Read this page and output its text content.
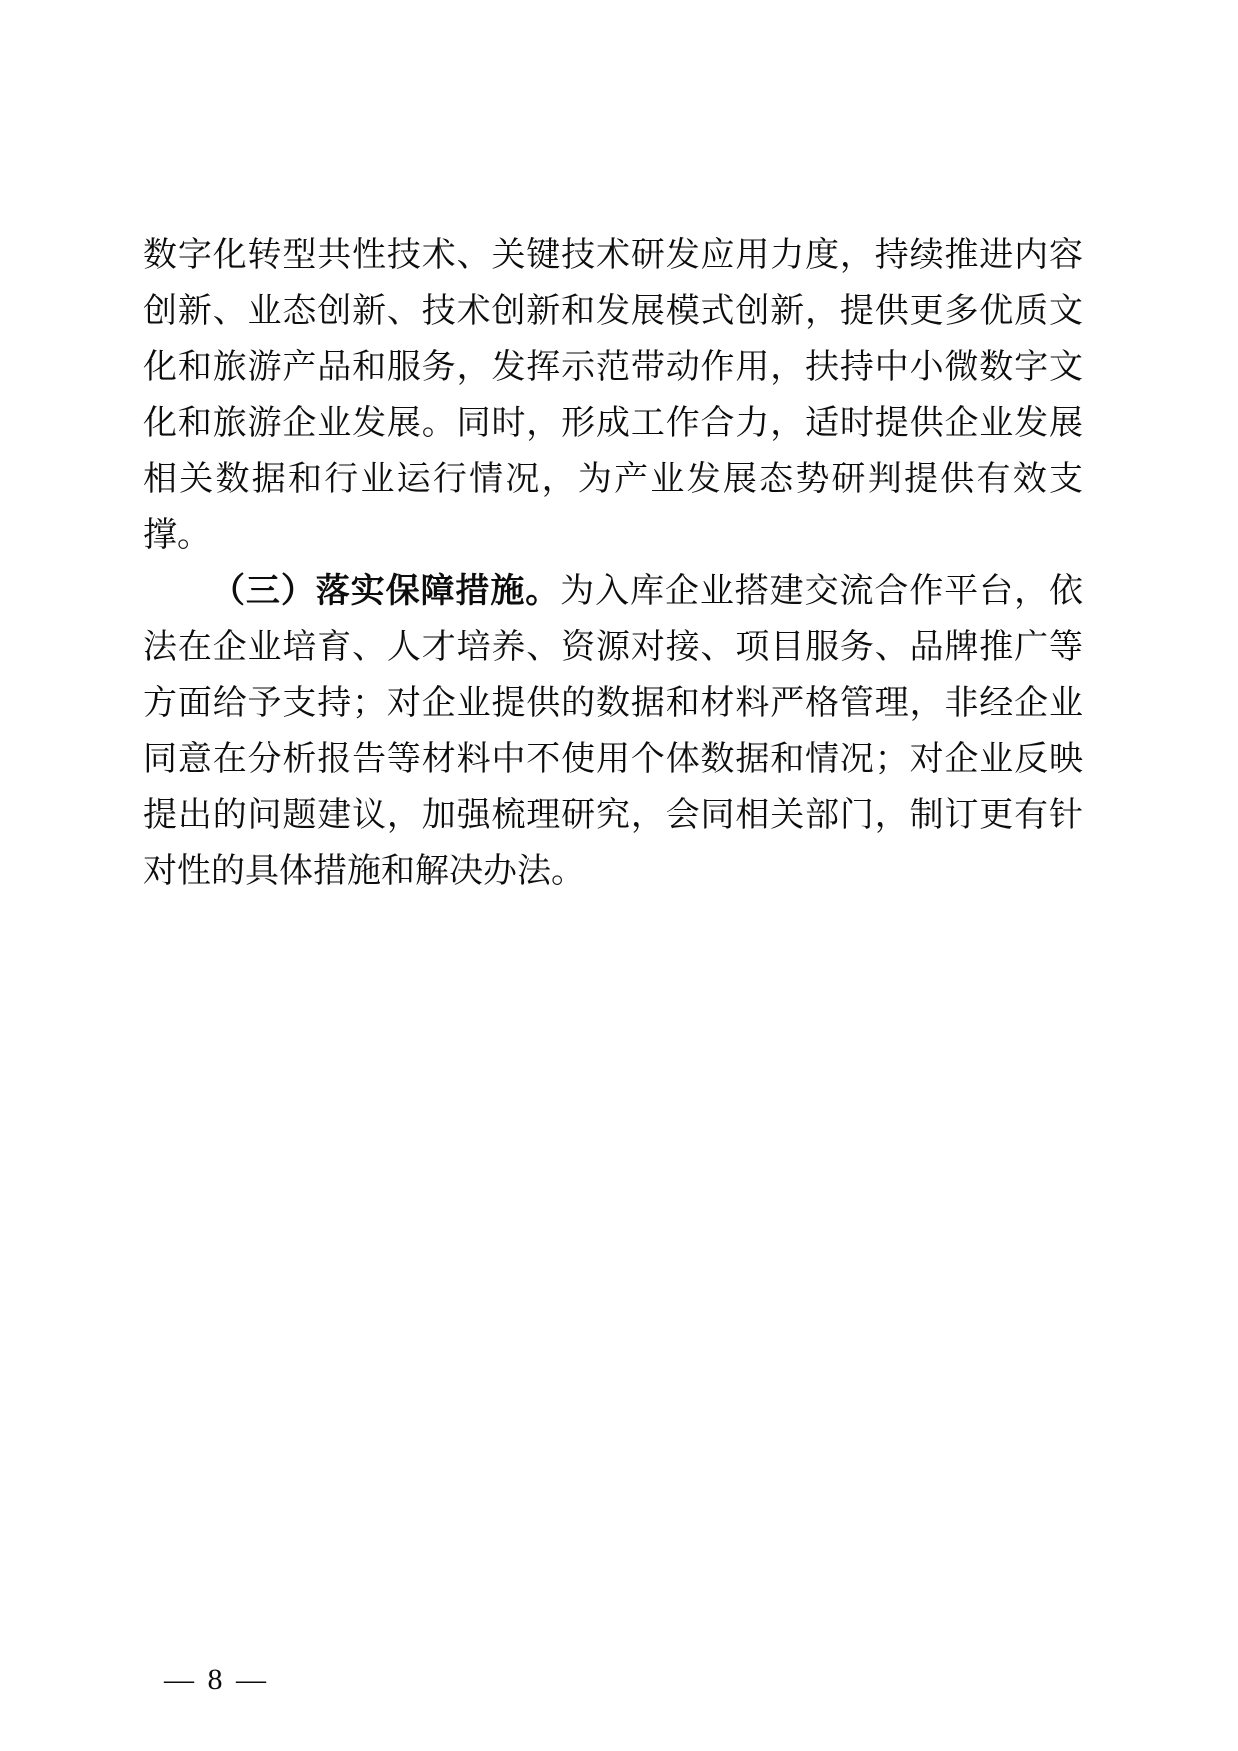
数字化转型共性技术、关键技术研发应用力度，持续推进内容
创新、业态创新、技术创新和发展模式创新，提供更多优质文
化和旅游产品和服务，发挥示范带动作用，扶持中小微数字文
化和旅游企业发展。同时，形成工作合力，适时提供企业发展
相关数据和行业运行情况，为产业发展态势研判提供有效支
撑。
（三）落实保障措施。为入库企业搭建交流合作平台，依
法在企业培育、人才培养、资源对接、项目服务、品牌推广等
方面给予支持；对企业提供的数据和材料严格管理，非经企业
同意在分析报告等材料中不使用个体数据和情况；对企业反映
提出的问题建议，加强梳理研究，会同相关部门，制订更有针
对性的具体措施和解决办法。
— 8 —
